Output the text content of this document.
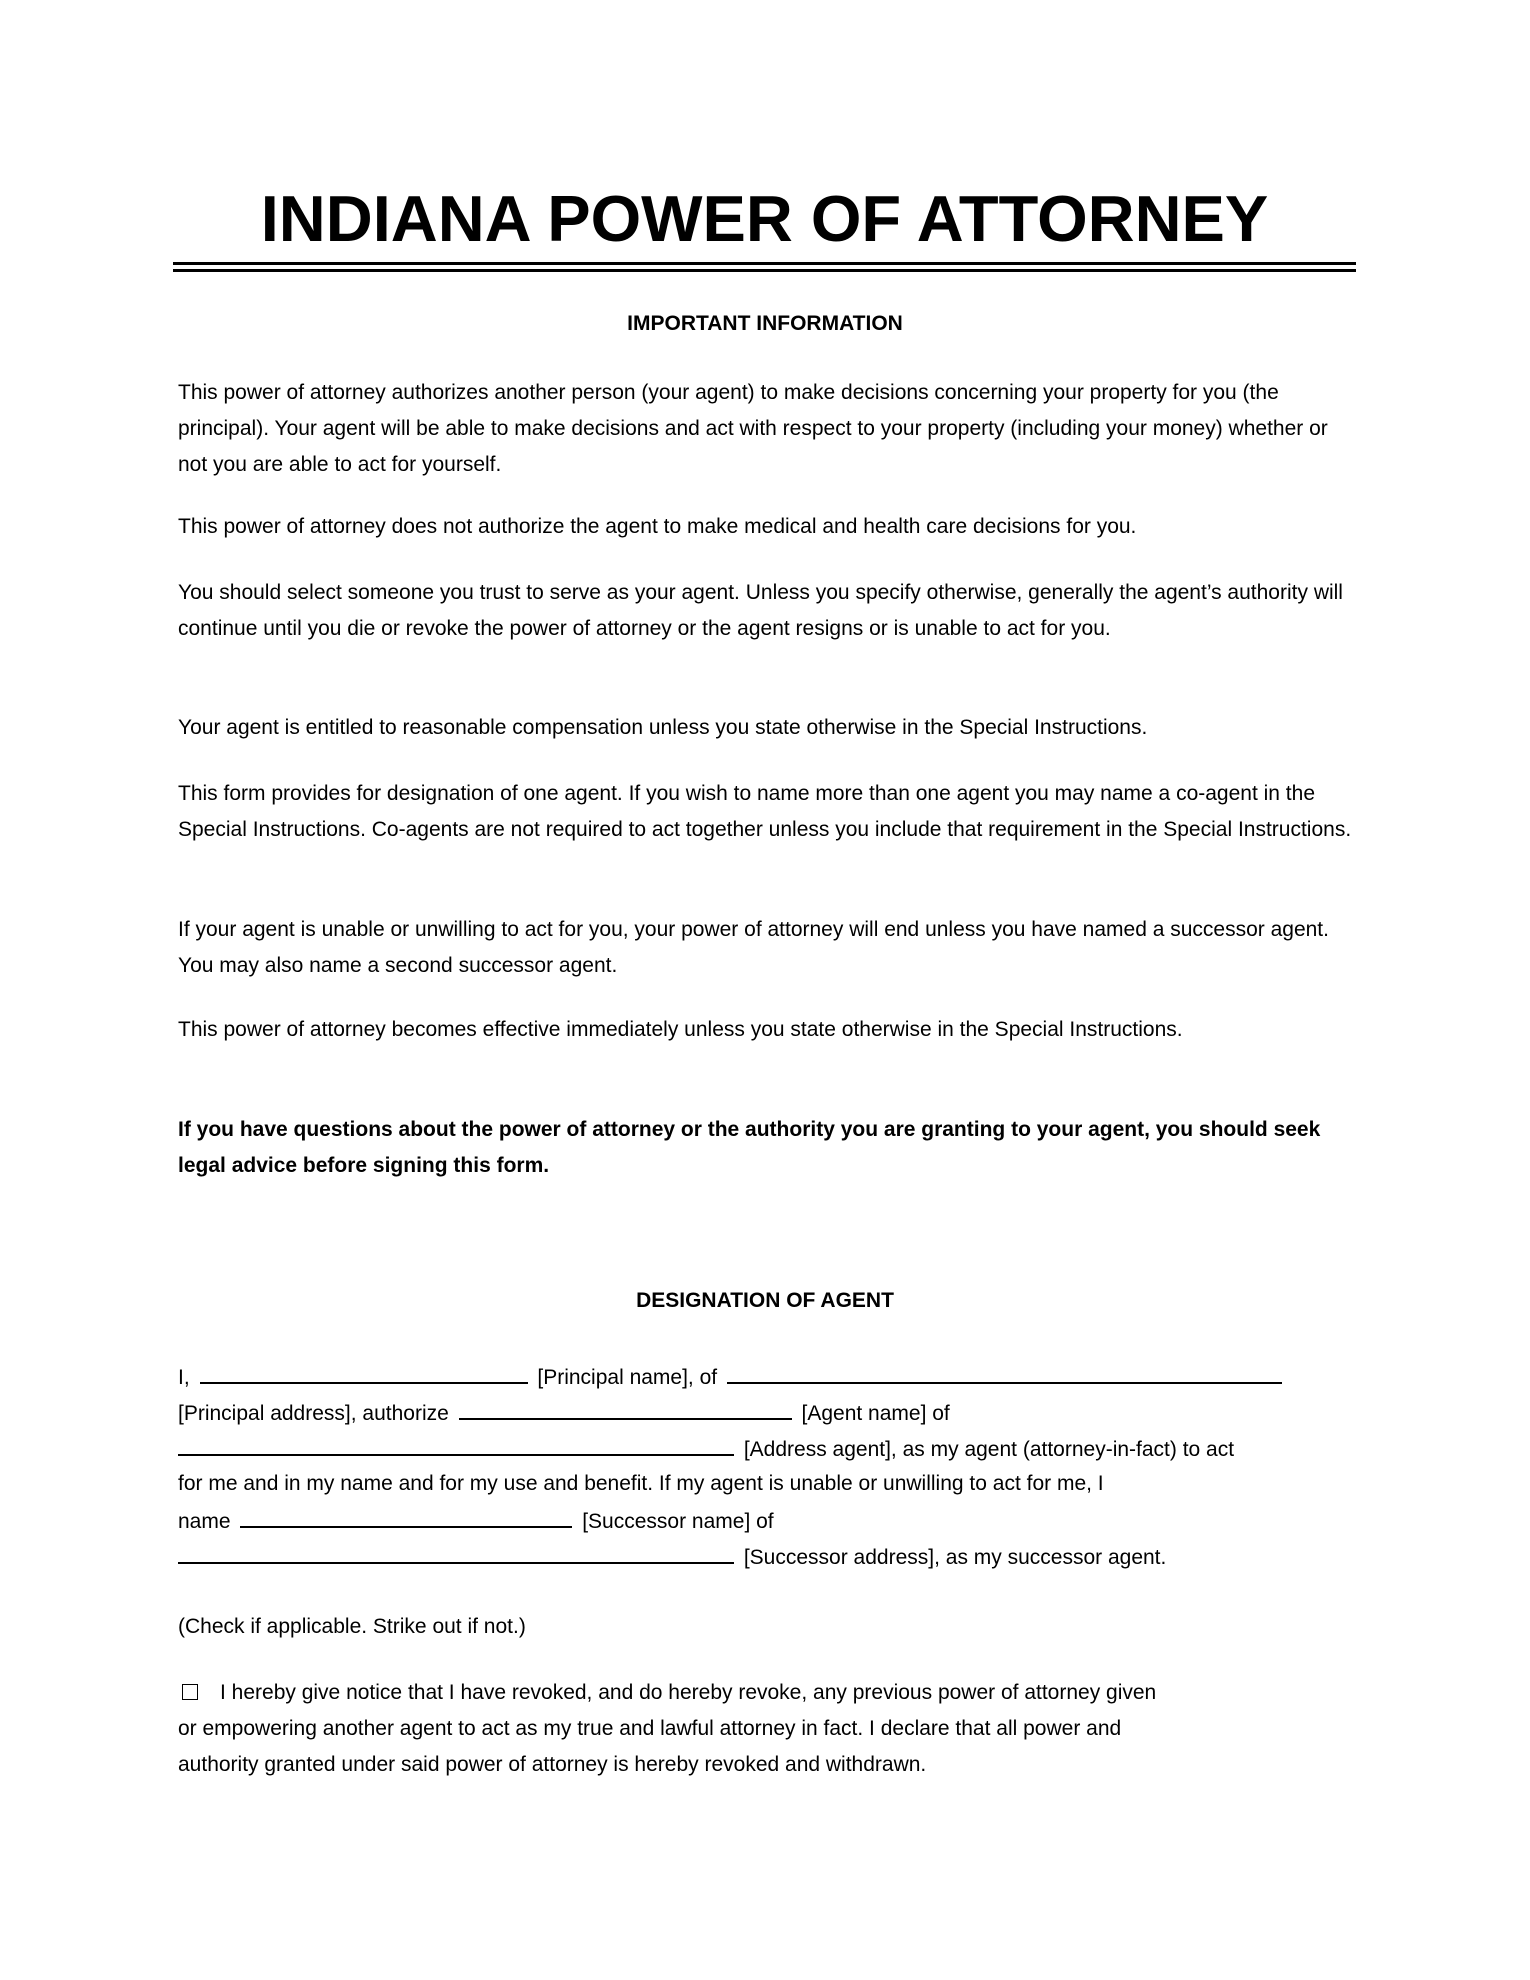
INDIANA POWER OF ATTORNEY
IMPORTANT INFORMATION

This power of attorney authorizes another person (your agent) to make decisions concerning your property for you (the principal). Your agent will be able to make decisions and act with respect to your property (including your money) whether or not you are able to act for yourself.

This power of attorney does not authorize the agent to make medical and health care decisions for you.

You should select someone you trust to serve as your agent. Unless you specify otherwise, generally the agent’s authority will continue until you die or revoke the power of attorney or the agent resigns or is unable to act for you.

Your agent is entitled to reasonable compensation unless you state otherwise in the Special Instructions.

This form provides for designation of one agent. If you wish to name more than one agent you may name a co-agent in the Special Instructions. Co-agents are not required to act together unless you include that requirement in the Special Instructions.

If your agent is unable or unwilling to act for you, your power of attorney will end unless you have named a successor agent. You may also name a second successor agent.

This power of attorney becomes effective immediately unless you state otherwise in the Special Instructions.

If you have questions about the power of attorney or the authority you are granting to your agent, you should seek legal advice before signing this form.

DESIGNATION OF AGENT
I,	[Principal name], of
[Principal address], authorize	[Agent name] of
[Address agent], as my agent (attorney-in-fact) to act
for me and in my name and for my use and benefit. If my agent is unable or unwilling to act for me, I
name	[Successor name] of
[Successor address], as my successor agent.

(Check if applicable. Strike out if not.)

I hereby give notice that I have revoked, and do hereby revoke, any previous power of attorney given
or empowering another agent to act as my true and lawful attorney in fact. I declare that all power and
authority granted under said power of attorney is hereby revoked and withdrawn.
